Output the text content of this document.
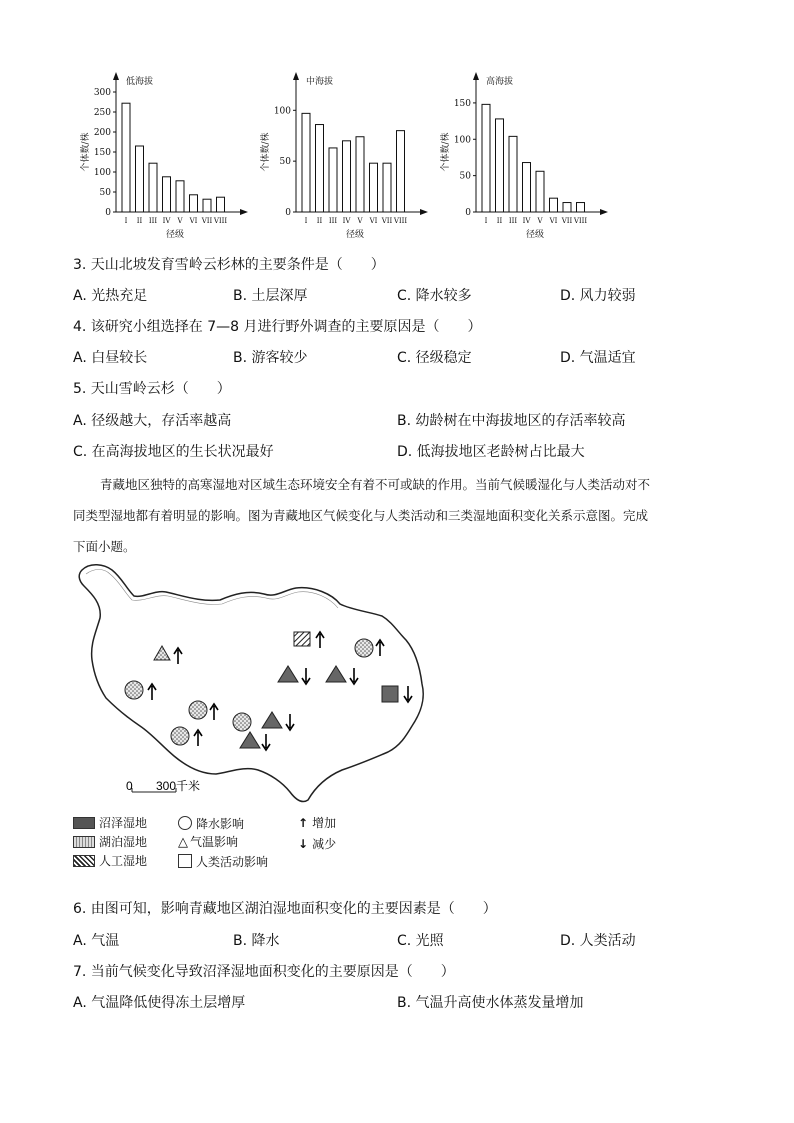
低海拔
0
50
100
150
200
250
300
个体数/株
I II III IV V VI VII VIII
径级
中海拔
0
50
100
个体数/株
I II III IV V VI VII VIII
径级
高海拔
0
50
100
150
个体数/株
I II III IV V VI VII VIII
径级
3. 天山北坡发育雪岭云杉林的主要条件是（　　）
A. 光热充足	B. 土层深厚	C. 降水较多	D. 风力较弱
4. 该研究小组选择在 7—8 月进行野外调查的主要原因是（　　）
A. 白昼较长	B. 游客较少	C. 径级稳定	D. 气温适宜
5. 天山雪岭云杉（　　）
A. 径级越大，存活率越高	B. 幼龄树在中海拔地区的存活率较高
C. 在高海拔地区的生长状况最好	D. 低海拔地区老龄树占比最大
青藏地区独特的高寒湿地对区域生态环境安全有着不可或缺的作用。当前气候暖湿化与人类活动对不
同类型湿地都有着明显的影响。图为青藏地区气候变化与人类活动和三类湿地面积变化关系示意图。完成
下面小题。
0 300千米
沼泽湿地
湖泊湿地
人工湿地
降水影响
△ 气温影响
人类活动影响
↑ 增加
↓ 减少
6. 由图可知，影响青藏地区湖泊湿地面积变化的主要因素是（　　）
A. 气温	B. 降水	C. 光照	D. 人类活动
7. 当前气候变化导致沼泽湿地面积变化的主要原因是（　　）
A. 气温降低使得冻土层增厚	B. 气温升高使水体蒸发量增加
